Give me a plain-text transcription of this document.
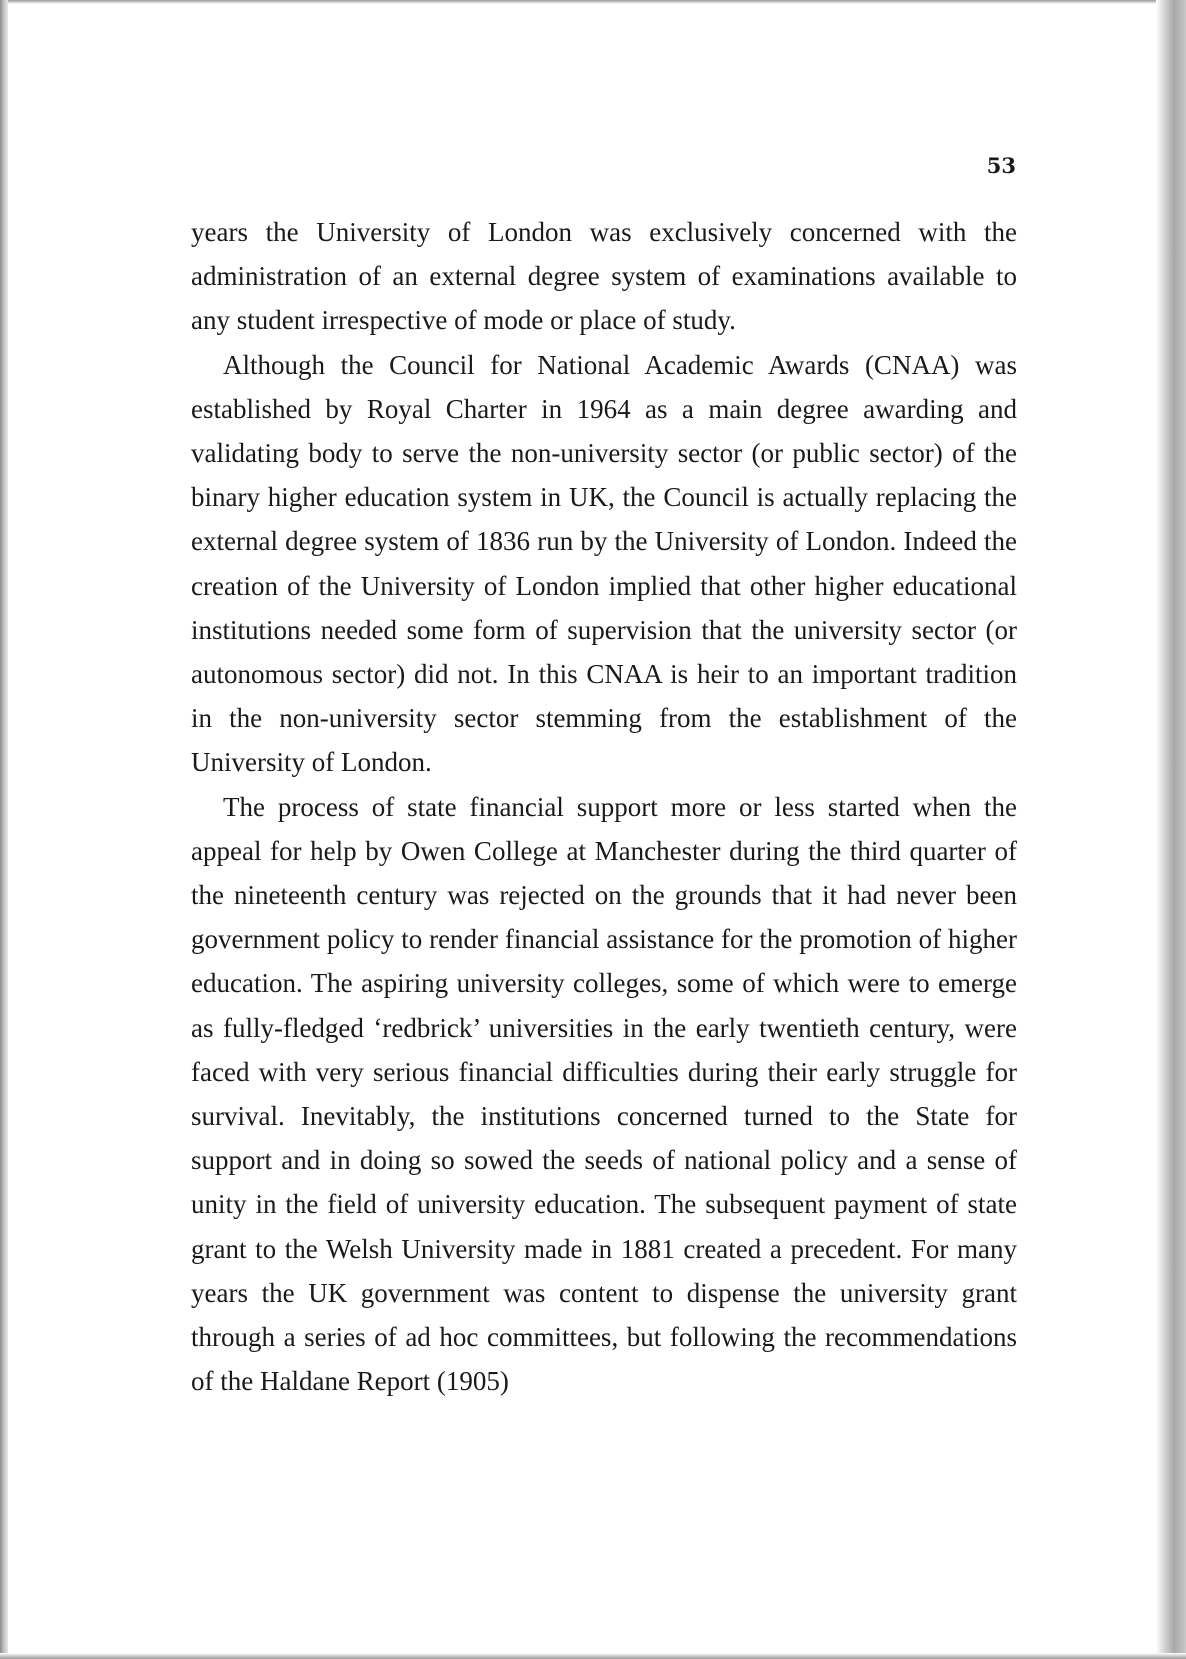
53

years the University of London was exclusively concerned with the administration of an external degree system of examinations available to any student irrespective of mode or place of study.

Although the Council for National Academic Awards (CNAA) was established by Royal Charter in 1964 as a main degree awarding and validating body to serve the non-university sector (or public sector) of the binary higher education system in UK, the Council is actually replacing the external degree system of 1836 run by the University of London. Indeed the creation of the University of London implied that other higher educational institutions needed some form of supervision that the university sector (or autonomous sector) did not. In this CNAA is heir to an important tradition in the non-university sector stemming from the establishment of the University of London.

The process of state financial support more or less started when the appeal for help by Owen College at Manchester during the third quarter of the nineteenth century was rejected on the grounds that it had never been government policy to render financial assistance for the promotion of higher education. The aspiring university colleges, some of which were to emerge as fully-fledged ‘redbrick’ universities in the early twentieth century, were faced with very serious financial difficulties during their early struggle for survival. Inevitably, the institutions concerned turned to the State for support and in doing so sowed the seeds of national policy and a sense of unity in the field of university education. The subsequent payment of state grant to the Welsh University made in 1881 created a precedent. For many years the UK government was content to dispense the university grant through a series of ad hoc committees, but following the recommendations of the Haldane Report (1905)
